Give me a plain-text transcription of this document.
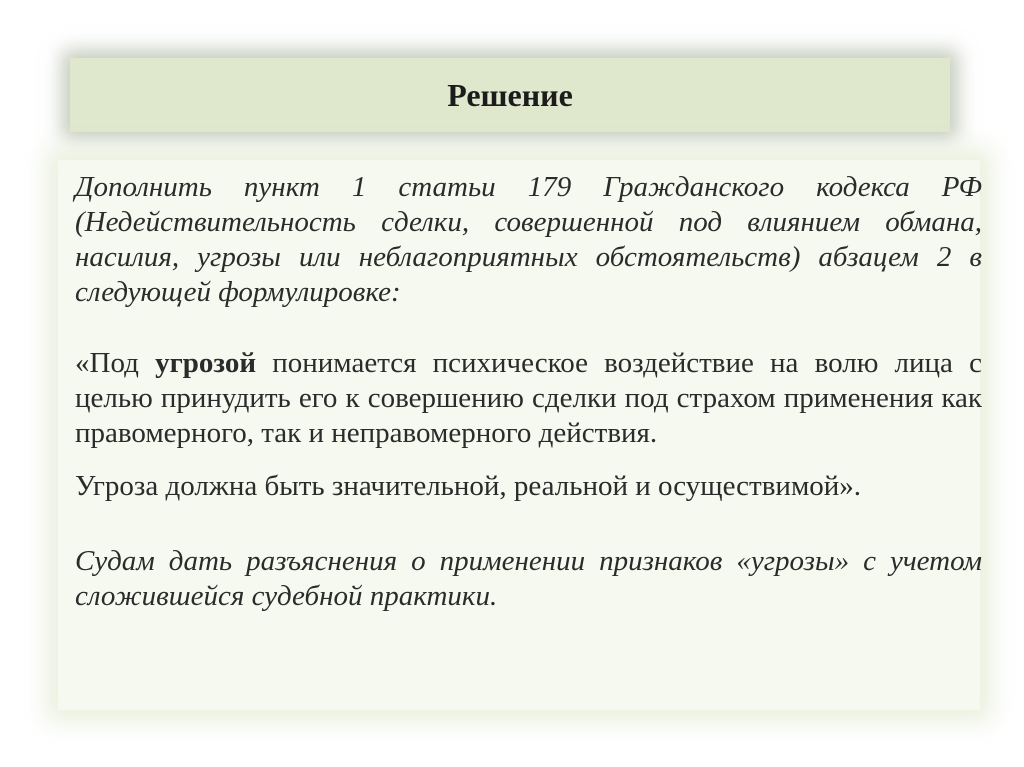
Решение

Дополнить пункт 1 статьи 179 Гражданского кодекса РФ (Недействительность сделки, совершенной под влиянием обмана, насилия, угрозы или неблагоприятных обстоятельств) абзацем 2 в следующей формулировке:

«Под угрозой понимается психическое воздействие на волю лица с целью принудить его к совершению сделки под страхом применения как правомерного, так и неправомерного действия.

Угроза должна быть значительной, реальной и осуществимой».

Судам дать разъяснения о применении признаков «угрозы» с учетом сложившейся судебной практики.
